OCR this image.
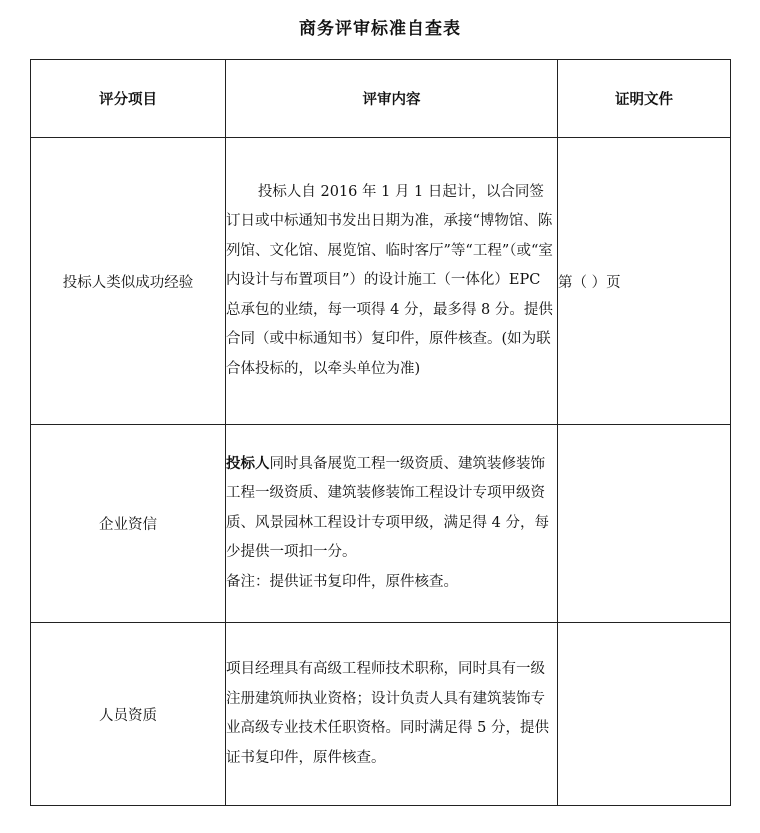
商务评审标准自查表
评分项目	评审内容	证明文件
投标人类似成功经验	投标人自 2016 年 1 月 1 日起计，以合同签订日或中标通知书发出日期为准，承接“博物馆、陈列馆、文化馆、展览馆、临时客厅”等“工程”（或“室内设计与布置项目”）的设计施工（一体化）EPC 总承包的业绩，每一项得 4 分，最多得 8 分。提供合同（或中标通知书）复印件，原件核查。(如为联合体投标的，以牵头单位为准)	第（ ）页
企业资信	投标人同时具备展览工程一级资质、建筑装修装饰工程一级资质、建筑装修装饰工程设计专项甲级资质、风景园林工程设计专项甲级，满足得 4 分，每少提供一项扣一分。

备注：提供证书复印件，原件核查。	

人员资质	项目经理具有高级工程师技术职称，同时具有一级注册建筑师执业资格；设计负责人具有建筑装饰专业高级专业技术任职资格。同时满足得 5 分，提供证书复印件，原件核查。	
